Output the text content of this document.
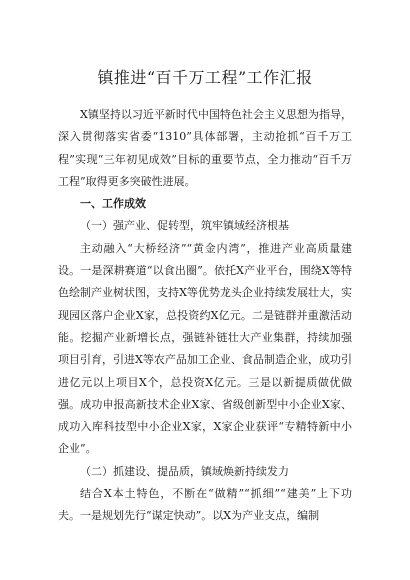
镇推进“百千万工程”工作汇报

X镇坚持以习近平新时代中国特色社会主义思想为指导，深入贯彻落实省委“1310”具体部署，主动抢抓“百千万工程”实现“三年初见成效”目标的重要节点，全力推动“百千万工程”取得更多突破性进展。

一、工作成效

（一）强产业、促转型，筑牢镇域经济根基

主动融入“大桥经济”“黄金内湾”，推进产业高质量建设。一是深耕赛道“以食出圈”。依托X产业平台，围绕X等特色绘制产业树状图，支持X等优势龙头企业持续发展壮大，实现园区落户企业X家，总投资约X亿元。二是链群并重激活动能。挖掘产业新增长点，强链补链壮大产业集群，持续加强项目引育，引进X等农产品加工企业、食品制造企业，成功引进亿元以上项目X个，总投资X亿元。三是以新提质做优做强。成功申报高新技术企业X家、省级创新型中小企业X家、成功入库科技型中小企业X家，X家企业获评“专精特新中小企业”。

（二）抓建设、提品质，镇域焕新持续发力

结合X本土特色，不断在“做精”“抓细”“建美”上下功夫。一是规划先行“谋定快动”。以X为产业支点，编制
